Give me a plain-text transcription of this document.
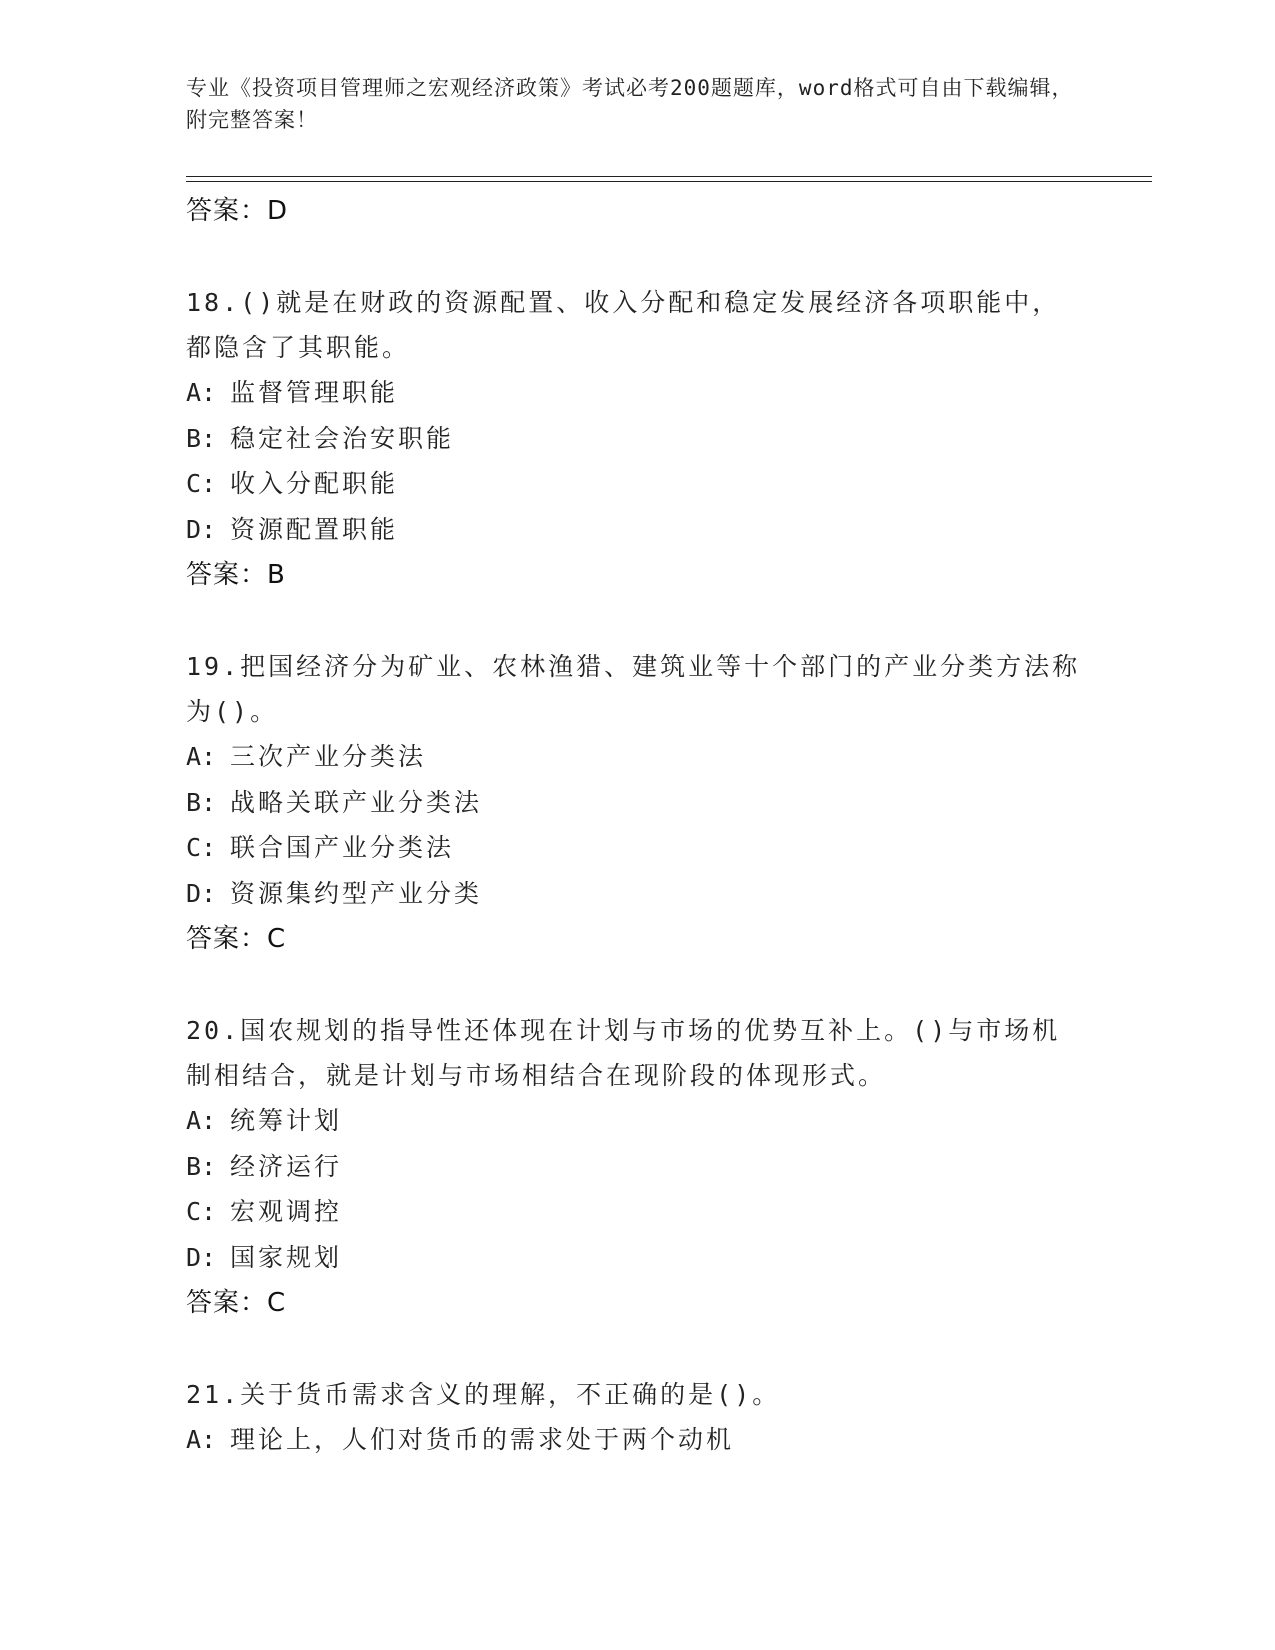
专业《投资项目管理师之宏观经济政策》考试必考200题题库，word格式可自由下载编辑，附完整答案！
答案：D
18.()就是在财政的资源配置、收入分配和稳定发展经济各项职能中，都隐含了其职能。
A: 监督管理职能
B: 稳定社会治安职能
C: 收入分配职能
D: 资源配置职能
答案：B
19.把国经济分为矿业、农林渔猎、建筑业等十个部门的产业分类方法称为()。
A: 三次产业分类法
B: 战略关联产业分类法
C: 联合国产业分类法
D: 资源集约型产业分类
答案：C
20.国农规划的指导性还体现在计划与市场的优势互补上。()与市场机制相结合，就是计划与市场相结合在现阶段的体现形式。
A: 统筹计划
B: 经济运行
C: 宏观调控
D: 国家规划
答案：C
21.关于货币需求含义的理解，不正确的是()。
A: 理论上，人们对货币的需求处于两个动机
